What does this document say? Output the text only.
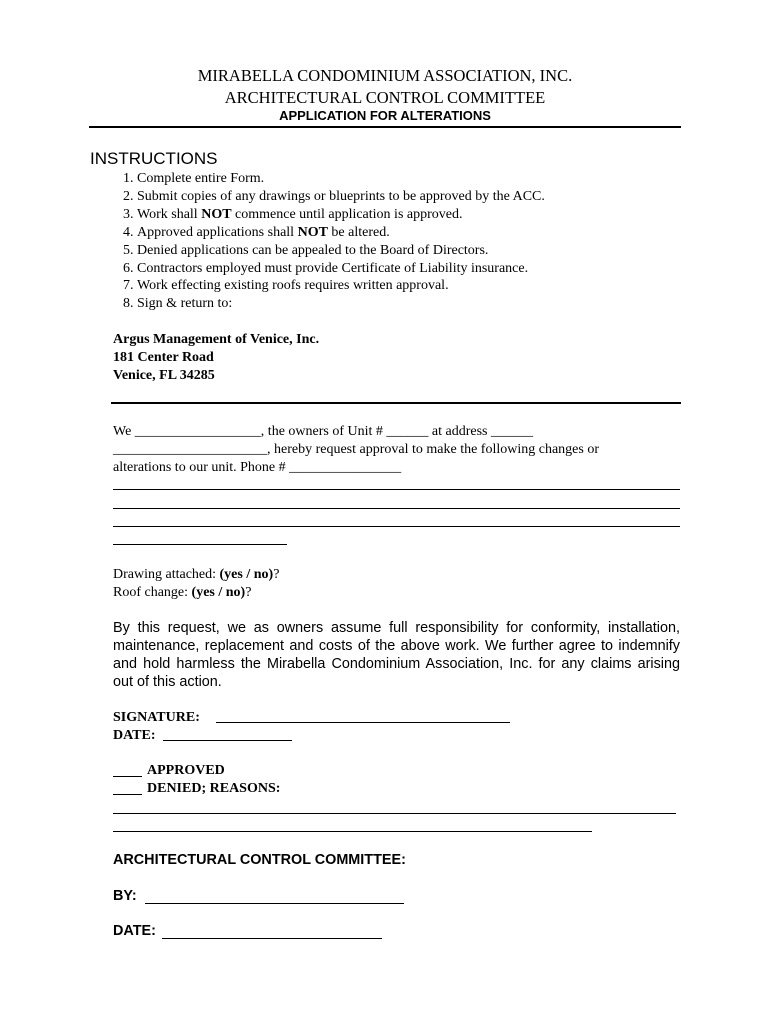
MIRABELLA CONDOMINIUM ASSOCIATION, INC.
ARCHITECTURAL CONTROL COMMITTEE
APPLICATION FOR ALTERATIONS
INSTRUCTIONS
1. Complete entire Form.
2. Submit copies of any drawings or blueprints to be approved by the ACC.
3. Work shall NOT commence until application is approved.
4. Approved applications shall NOT be altered.
5. Denied applications can be appealed to the Board of Directors.
6. Contractors employed must provide Certificate of Liability insurance.
7. Work effecting existing roofs requires written approval.
8. Sign & return to:
Argus Management of Venice, Inc.
181 Center Road
Venice, FL 34285
We __________________, the owners of Unit # ______ at address ______
______________________, hereby request approval to make the following changes or
alterations to our unit. Phone # ________________
Drawing attached: (yes / no)?
Roof change: (yes / no)?
By this request, we as owners assume full responsibility for conformity, installation, maintenance, replacement and costs of the above work. We further agree to indemnify and hold harmless the Mirabella Condominium Association, Inc. for any claims arising out of this action.
SIGNATURE:
DATE:
APPROVED
DENIED; REASONS:
ARCHITECTURAL CONTROL COMMITTEE:
BY:
DATE:
